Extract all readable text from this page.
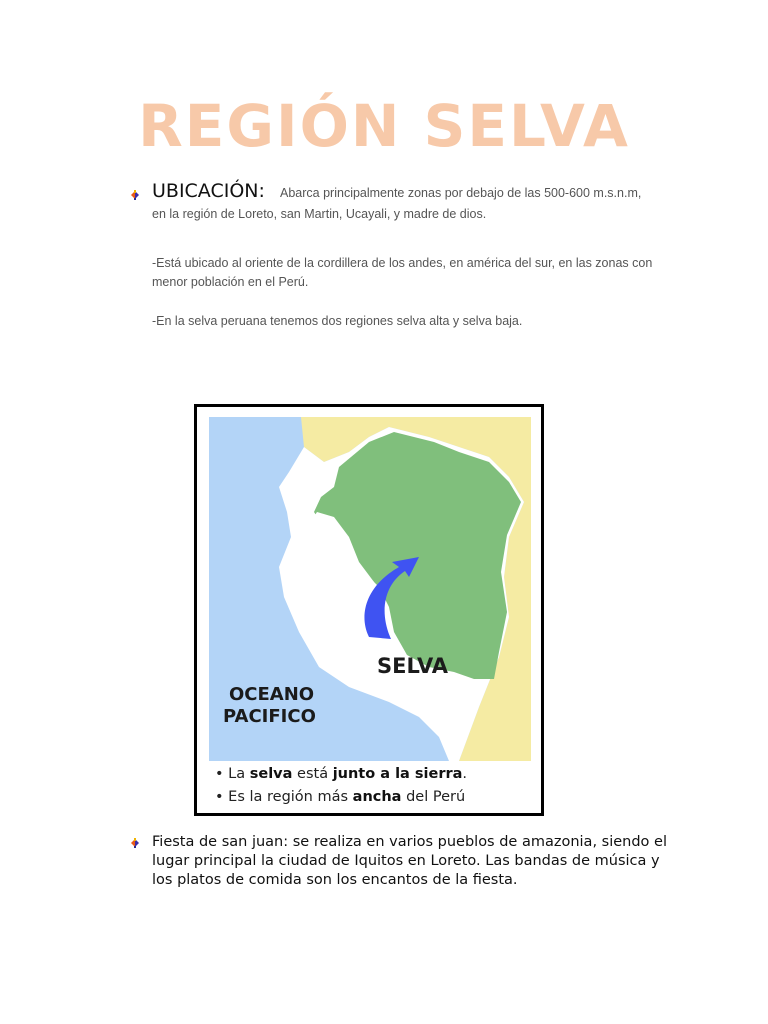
REGIÓN SELVA
UBICACIÓN: Abarca principalmente zonas por debajo de las 500-600 m.s.n.m,
en la región de Loreto, san Martin, Ucayali, y madre de dios.
-Está ubicado al oriente de la cordillera de los andes, en américa del sur, en las zonas con menor población en el Perú.
-En la selva peruana tenemos dos regiones selva alta y selva baja.
SELVA
OCEANO
PACIFICO
• La selva está junto a la sierra.
• Es la región más ancha del Perú
Fiesta de san juan: se realiza en varios pueblos de amazonia, siendo el lugar principal la ciudad de Iquitos en Loreto. Las bandas de música y los platos de comida son los encantos de la fiesta.
